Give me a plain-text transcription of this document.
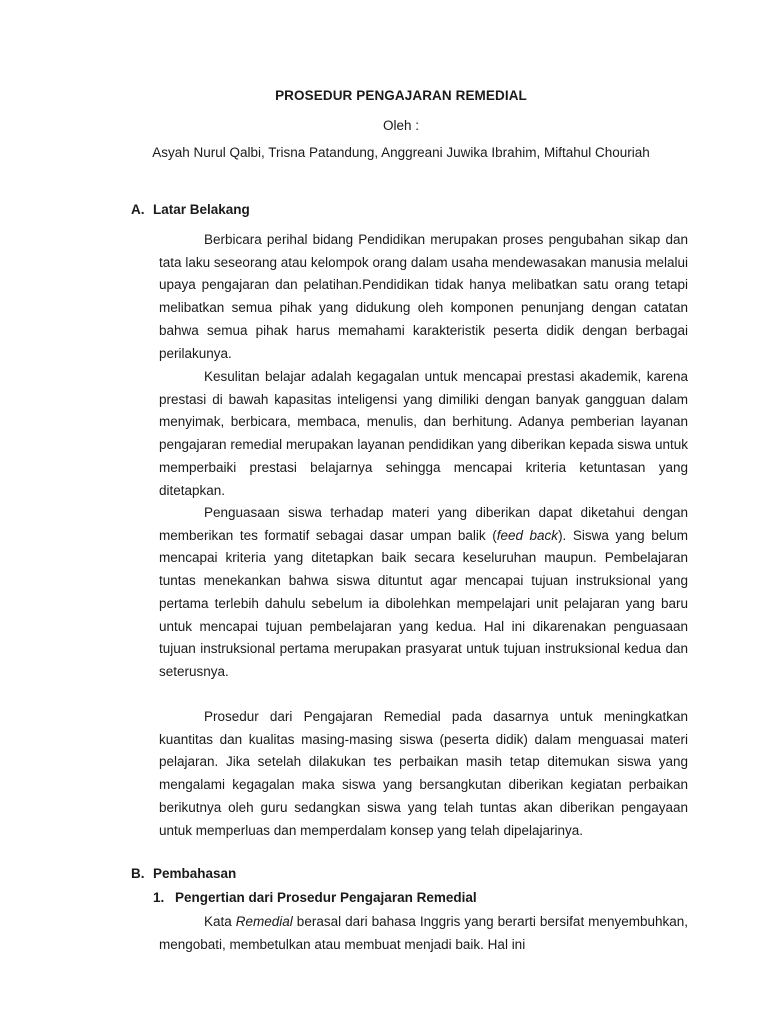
PROSEDUR PENGAJARAN REMEDIAL
Oleh :
Asyah Nurul Qalbi, Trisna Patandung, Anggreani Juwika Ibrahim, Miftahul Chouriah
A. Latar Belakang

Berbicara perihal bidang Pendidikan merupakan proses pengubahan sikap dan tata laku seseorang atau kelompok orang dalam usaha mendewasakan manusia melalui upaya pengajaran dan pelatihan.Pendidikan tidak hanya melibatkan satu orang tetapi melibatkan semua pihak yang didukung oleh komponen penunjang dengan catatan bahwa semua pihak harus memahami karakteristik peserta didik dengan berbagai perilakunya.

Kesulitan belajar adalah kegagalan untuk mencapai prestasi akademik, karena prestasi di bawah kapasitas inteligensi yang dimiliki dengan banyak gangguan dalam menyimak, berbicara, membaca, menulis, dan berhitung. Adanya pemberian layanan pengajaran remedial merupakan layanan pendidikan yang diberikan kepada siswa untuk memperbaiki prestasi belajarnya sehingga mencapai kriteria ketuntasan yang ditetapkan.

Penguasaan siswa terhadap materi yang diberikan dapat diketahui dengan memberikan tes formatif sebagai dasar umpan balik (feed back). Siswa yang belum mencapai kriteria yang ditetapkan baik secara keseluruhan maupun. Pembelajaran tuntas menekankan bahwa siswa dituntut agar mencapai tujuan instruksional yang pertama terlebih dahulu sebelum ia dibolehkan mempelajari unit pelajaran yang baru untuk mencapai tujuan pembelajaran yang kedua. Hal ini dikarenakan penguasaan tujuan instruksional pertama merupakan prasyarat untuk tujuan instruksional kedua dan seterusnya.

Prosedur dari Pengajaran Remedial pada dasarnya untuk meningkatkan kuantitas dan kualitas masing-masing siswa (peserta didik) dalam menguasai materi pelajaran. Jika setelah dilakukan tes perbaikan masih tetap ditemukan siswa yang mengalami kegagalan maka siswa yang bersangkutan diberikan kegiatan perbaikan berikutnya oleh guru sedangkan siswa yang telah tuntas akan diberikan pengayaan untuk memperluas dan memperdalam konsep yang telah dipelajarinya.

B. Pembahasan
1. Pengertian dari Prosedur Pengajaran Remedial

Kata Remedial berasal dari bahasa Inggris yang berarti bersifat menyembuhkan, mengobati, membetulkan atau membuat menjadi baik. Hal ini
